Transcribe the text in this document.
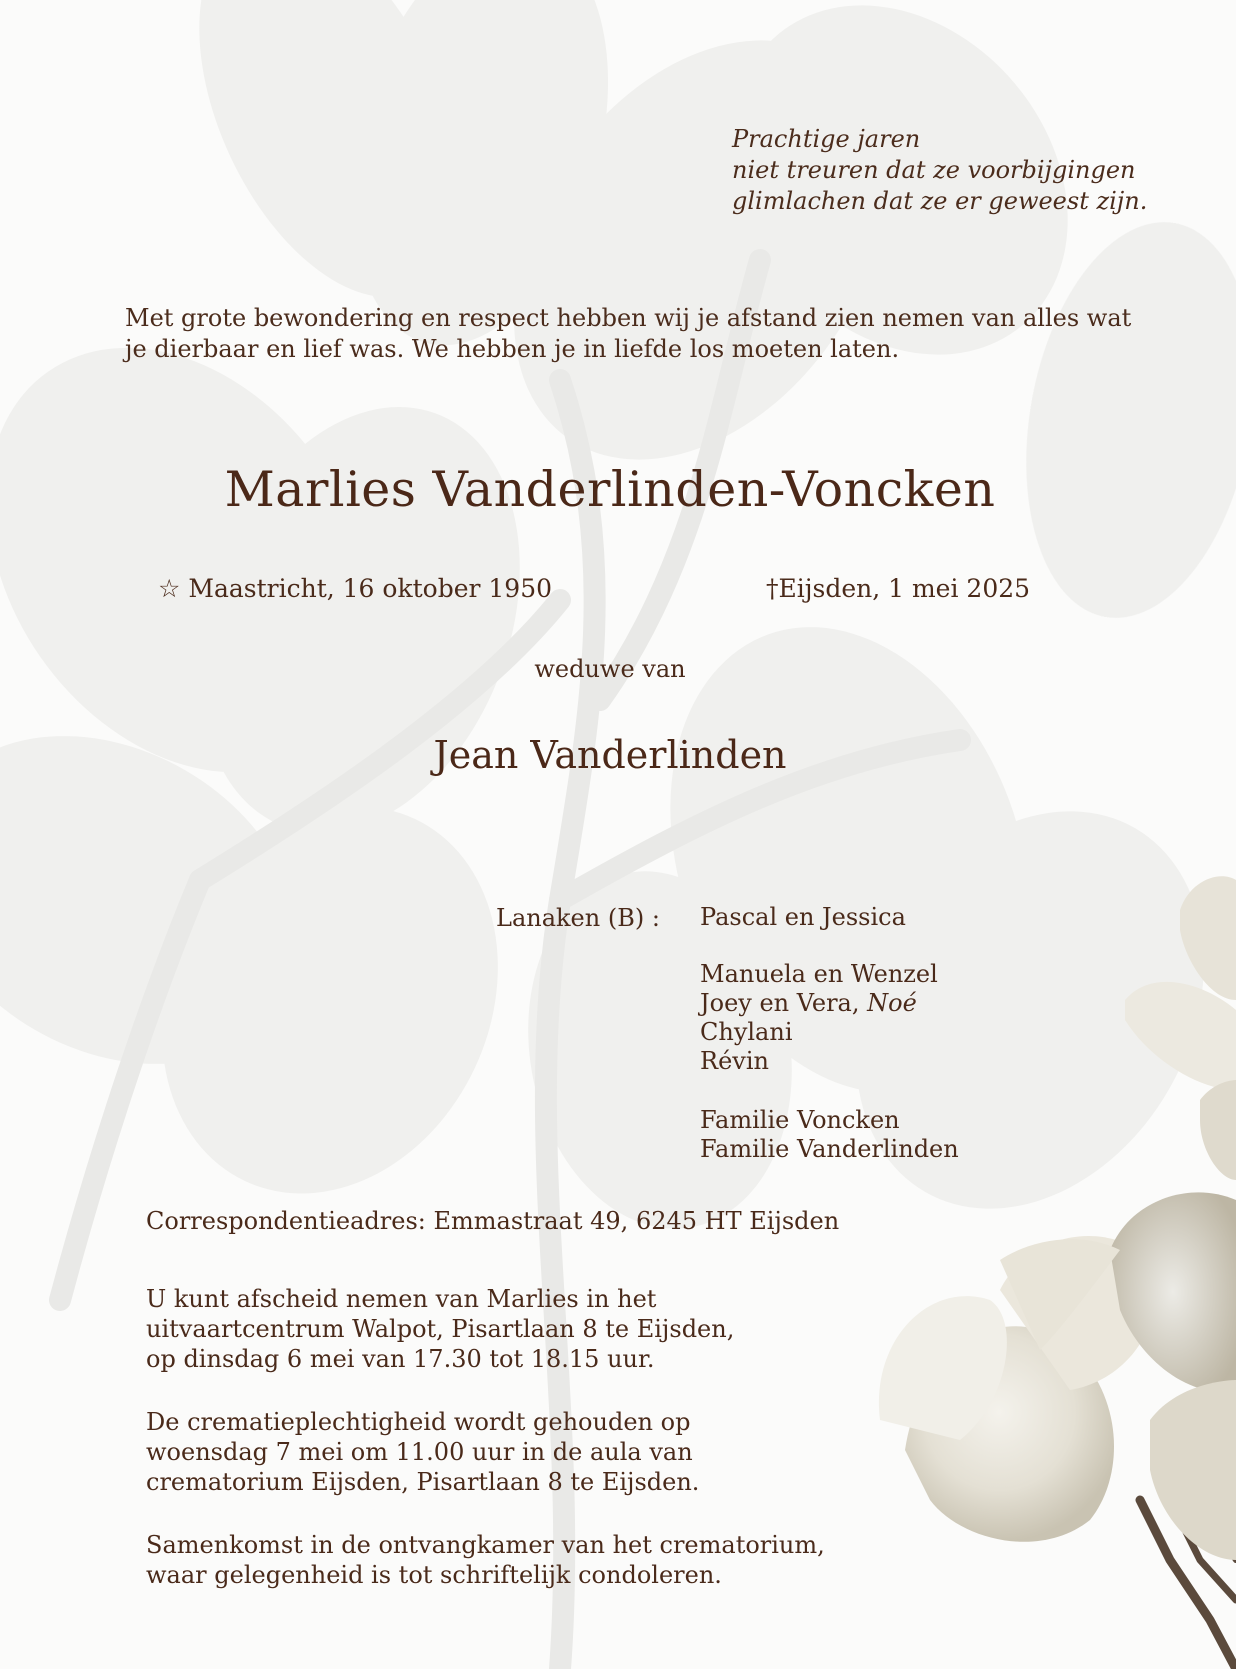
Prachtige jaren
niet treuren dat ze voorbijgingen
glimlachen dat ze er geweest zijn.
Met grote bewondering en respect hebben wij je afstand zien nemen van alles wat
je dierbaar en lief was. We hebben je in liefde los moeten laten.
Marlies Vanderlinden-Voncken
☆ Maastricht, 16 oktober 1950	†Eijsden, 1 mei 2025
weduwe van
Jean Vanderlinden
Lanaken (B) : Pascal en Jessica
Manuela en Wenzel
Joey en Vera, Noé
Chylani
Révin
Familie Voncken
Familie Vanderlinden
Correspondentieadres: Emmastraat 49, 6245 HT Eijsden
U kunt afscheid nemen van Marlies in het
uitvaartcentrum Walpot, Pisartlaan 8 te Eijsden,
op dinsdag 6 mei van 17.30 tot 18.15 uur.
De crematieplechtigheid wordt gehouden op
woensdag 7 mei om 11.00 uur in de aula van
crematorium Eijsden, Pisartlaan 8 te Eijsden.
Samenkomst in de ontvangkamer van het crematorium,
waar gelegenheid is tot schriftelijk condoleren.
